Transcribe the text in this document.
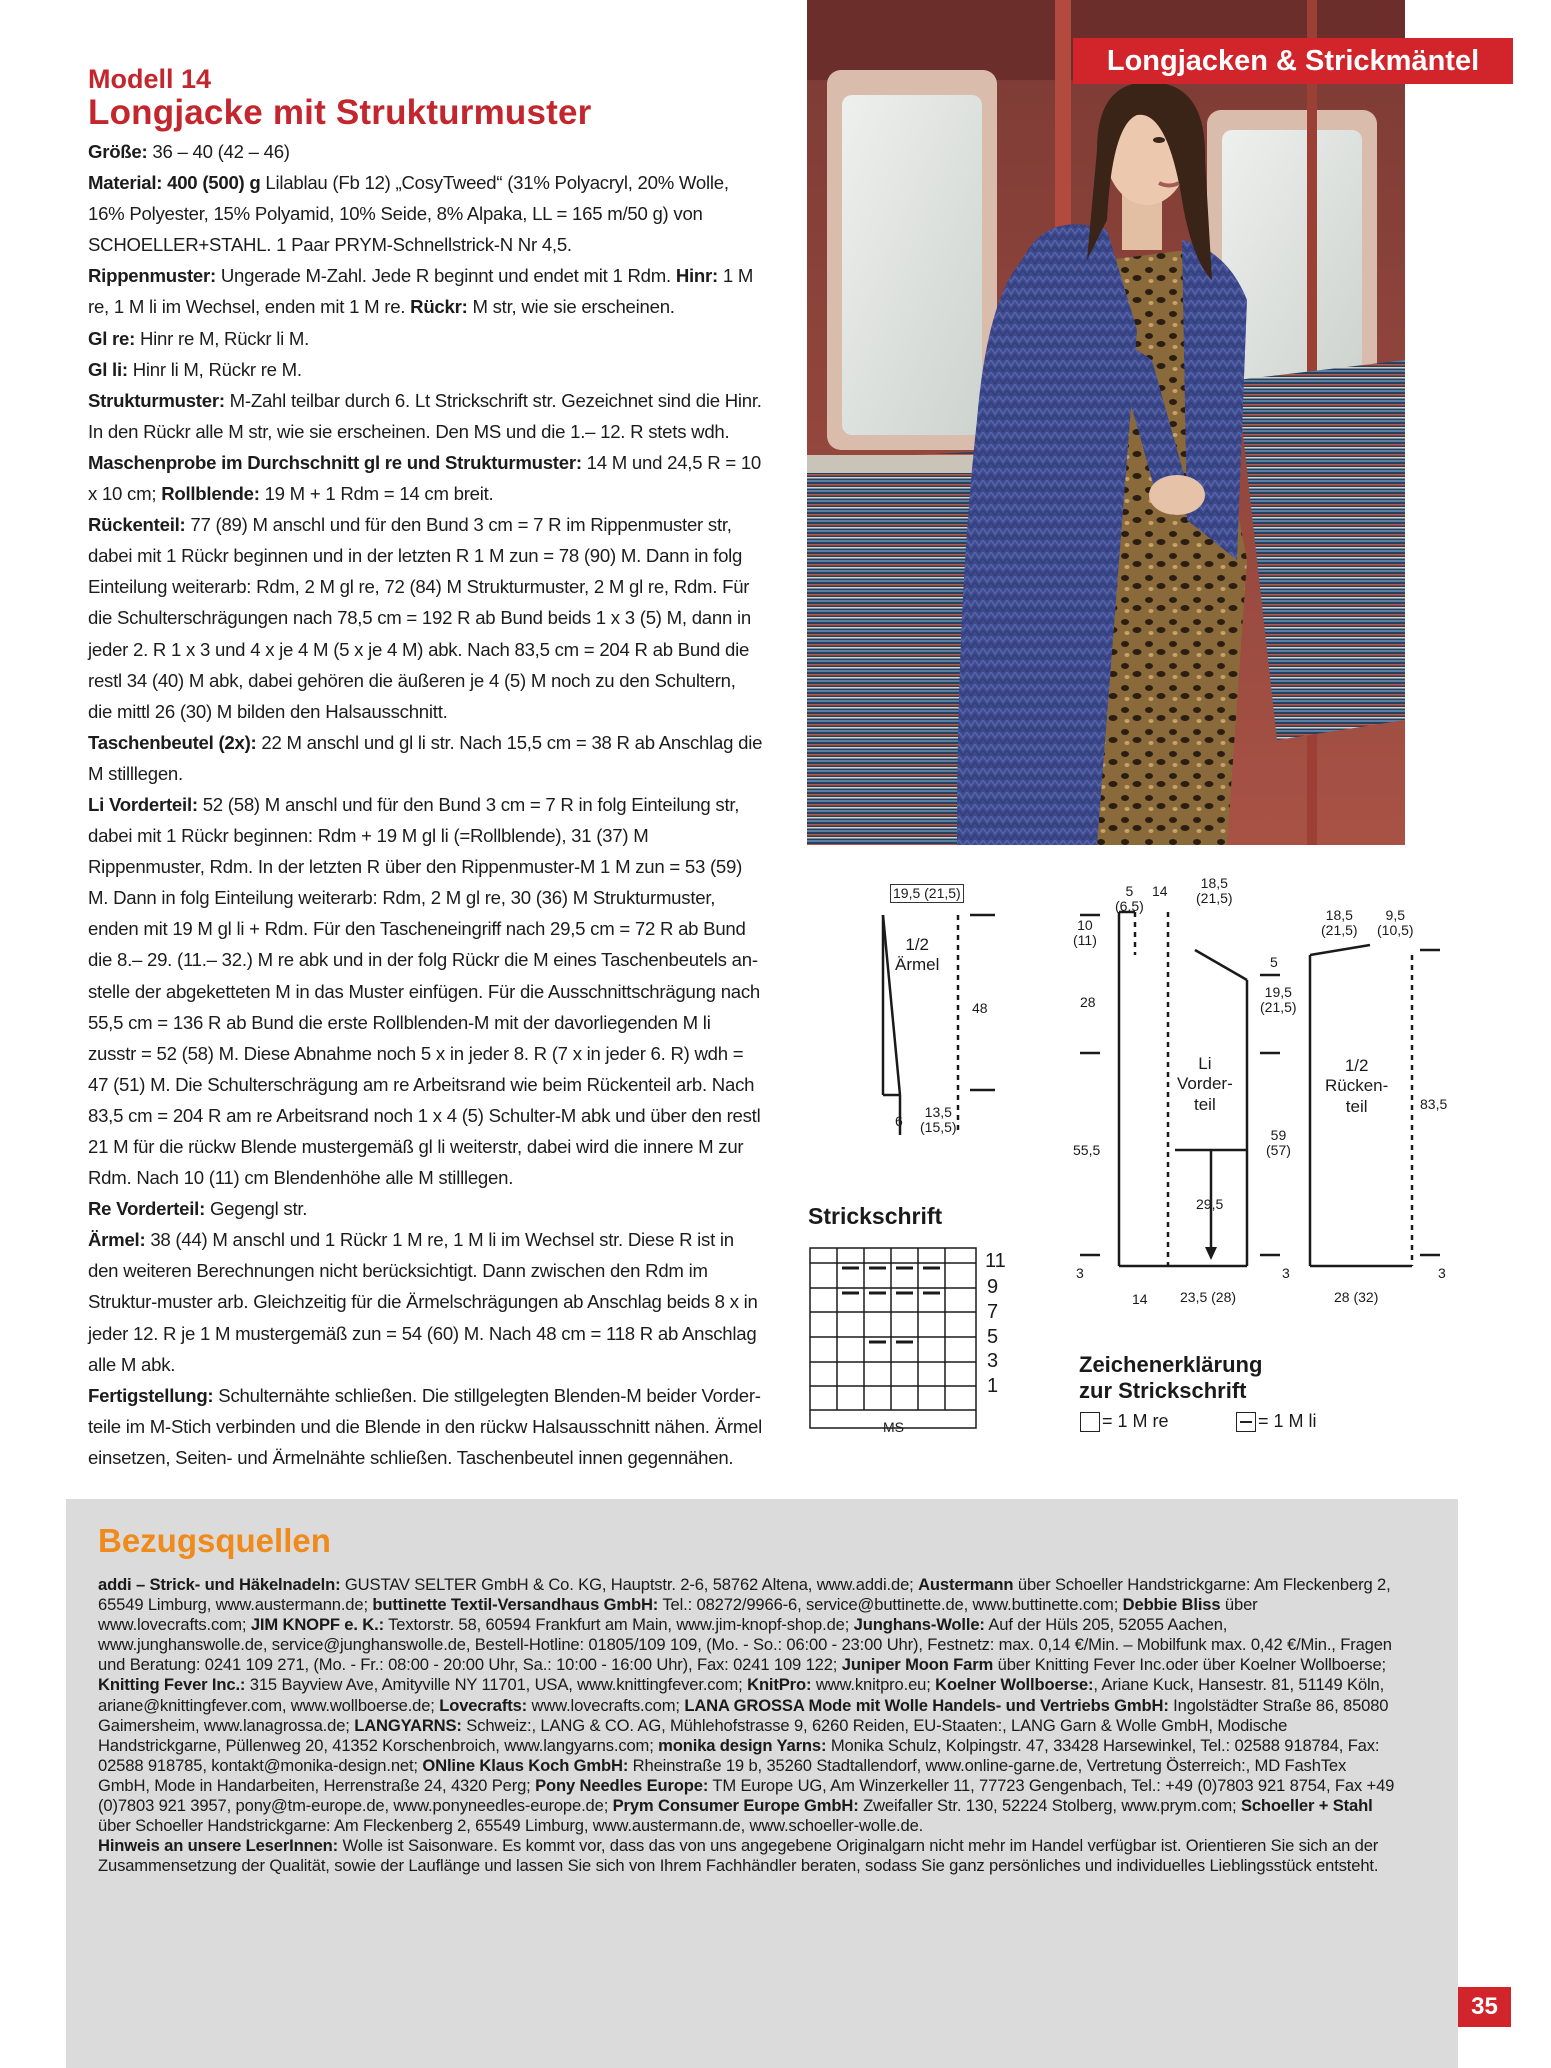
Longjacken & Strickmäntel
Modell 14
Longjacke mit Strukturmuster

Größe: 36 – 40 (42 – 46)

Material: 400 (500) g Lilablau (Fb 12) „CosyTweed“ (31% Polyacryl, 20% Wolle, 16% Polyester, 15% Polyamid, 10% Seide, 8% Alpaka, LL = 165 m/50 g) von SCHOELLER+STAHL. 1 Paar PRYM-Schnellstrick-N Nr 4,5.

Rippenmuster: Ungerade M-Zahl. Jede R beginnt und endet mit 1 Rdm. Hinr: 1 M re, 1 M li im Wechsel, enden mit 1 M re. Rückr: M str, wie sie erscheinen.

Gl re: Hinr re M, Rückr li M.

Gl li: Hinr li M, Rückr re M.

Strukturmuster: M-Zahl teilbar durch 6. Lt Strickschrift str. Gezeichnet sind die Hinr. In den Rückr alle M str, wie sie erscheinen. Den MS und die 1.– 12. R stets wdh.

Maschenprobe im Durchschnitt gl re und Strukturmuster: 14 M und 24,5 R = 10 x 10 cm; Rollblende: 19 M + 1 Rdm = 14 cm breit.

Rückenteil: 77 (89) M anschl und für den Bund 3 cm = 7 R im Rippenmuster str, dabei mit 1 Rückr beginnen und in der letzten R 1 M zun = 78 (90) M. Dann in folg Einteilung weiterarb: Rdm, 2 M gl re, 72 (84) M Strukturmuster, 2 M gl re, Rdm. Für die Schulterschrägungen nach 78,5 cm = 192 R ab Bund beids 1 x 3 (5) M, dann in jeder 2. R 1 x 3 und 4 x je 4 M (5 x je 4 M) abk. Nach 83,5 cm = 204 R ab Bund die restl 34 (40) M abk, dabei gehören die äußeren je 4 (5) M noch zu den Schultern, die mittl 26 (30) M bilden den Halsausschnitt.

Taschenbeutel (2x): 22 M anschl und gl li str. Nach 15,5 cm = 38 R ab Anschlag die M stilllegen.

Li Vorderteil: 52 (58) M anschl und für den Bund 3 cm = 7 R in folg Einteilung str, dabei mit 1 Rückr beginnen: Rdm + 19 M gl li (=Rollblende), 31 (37) M Rippenmuster, Rdm. In der letzten R über den Rippenmuster-M 1 M zun = 53 (59) M. Dann in folg Einteilung weiterarb: Rdm, 2 M gl re, 30 (36) M Strukturmuster, enden mit 19 M gl li + Rdm. Für den Tascheneingriff nach 29,5 cm = 72 R ab Bund die 8.– 29. (11.– 32.) M re abk und in der folg Rückr die M eines Taschenbeutels an-stelle der abgeketteten M in das Muster einfügen. Für die Ausschnittschrägung nach 55,5 cm = 136 R ab Bund die erste Rollblenden-M mit der davorliegenden M li zusstr = 52 (58) M. Diese Abnahme noch 5 x in jeder 8. R (7 x in jeder 6. R) wdh = 47 (51) M. Die Schulterschrägung am re Arbeitsrand wie beim Rückenteil arb. Nach 83,5 cm = 204 R am re Arbeitsrand noch 1 x 4 (5) Schulter-M abk und über den restl 21 M für die rückw Blende mustergemäß gl li weiterstr, dabei wird die innere M zur Rdm. Nach 10 (11) cm Blendenhöhe alle M stilllegen.

Re Vorderteil: Gegengl str.

Ärmel: 38 (44) M anschl und 1 Rückr 1 M re, 1 M li im Wechsel str. Diese R ist in den weiteren Berechnungen nicht berücksichtigt. Dann zwischen den Rdm im Struktur-muster arb. Gleichzeitig für die Ärmelschrägungen ab Anschlag beids 8 x in jeder 12. R je 1 M mustergemäß zun = 54 (60) M. Nach 48 cm = 118 R ab Anschlag alle M abk.

Fertigstellung: Schulternähte schließen. Die stillgelegten Blenden-M beider Vorder-teile im M-Stich verbinden und die Blende in den rückw Halsausschnitt nähen. Ärmel einsetzen, Seiten- und Ärmelnähte schließen. Taschenbeutel innen gegennähen.

19,5 (21,5)
1/2
Ärmel
48
6
13,5
(15,5)
5
(6,5)
14	18,5
(21,5)
10
(11)
28
55,5
Li
Vorder-
teil
5
19,5
(21,5)
59
(57)
29,5
3	3
14 23,5 (28)
18,5
(21,5)
9,5
(10,5)
1/2
Rücken-
teil	83,5
28 (32)
3
Strickschrift
11
9
7
5
3
1
MS
Zeichenerklärung
zur Strickschrift
= 1 M re	= 1 M li
Bezugsquellen

addi – Strick- und Häkelnadeln: GUSTAV SELTER GmbH & Co. KG, Hauptstr. 2-6, 58762 Altena, www.addi.de; Austermann über Schoeller Handstrickgarne: Am Fleckenberg 2, 65549 Limburg, www.austermann.de; buttinette Textil-Versandhaus GmbH: Tel.: 08272/9966-6, service@buttinette.de, www.buttinette.com; Debbie Bliss über www.lovecrafts.com; JIM KNOPF e. K.: Textorstr. 58, 60594 Frankfurt am Main, www.jim-knopf-shop.de; Junghans-Wolle: Auf der Hüls 205, 52055 Aachen, www.junghanswolle.de, service@junghanswolle.de, Bestell-Hotline: 01805/109 109, (Mo. - So.: 06:00 - 23:00 Uhr), Festnetz: max. 0,14 €/Min. – Mobilfunk max. 0,42 €/Min., Fragen und Beratung: 0241 109 271, (Mo. - Fr.: 08:00 - 20:00 Uhr, Sa.: 10:00 - 16:00 Uhr), Fax: 0241 109 122; Juniper Moon Farm über Knitting Fever Inc.oder über Koelner Wollboerse; Knitting Fever Inc.: 315 Bayview Ave, Amityville NY 11701, USA, www.knittingfever.com; KnitPro: www.knitpro.eu; Koelner Wollboerse:, Ariane Kuck, Hansestr. 81, 51149 Köln, ariane@knittingfever.com, www.wollboerse.de; Lovecrafts: www.lovecrafts.com; LANA GROSSA Mode mit Wolle Handels- und Vertriebs GmbH: Ingolstädter Straße 86, 85080 Gaimersheim, www.lanagrossa.de; LANGYARNS: Schweiz:, LANG & CO. AG, Mühlehofstrasse 9, 6260 Reiden, EU-Staaten:, LANG Garn & Wolle GmbH, Modische Handstrickgarne, Püllenweg 20, 41352 Korschenbroich, www.langyarns.com; monika design Yarns: Monika Schulz, Kolpingstr. 47, 33428 Harsewinkel, Tel.: 02588 918784, Fax: 02588 918785, kontakt@monika-design.net; ONline Klaus Koch GmbH: Rheinstraße 19 b, 35260 Stadtallendorf, www.online-garne.de, Vertretung Österreich:, MD FashTex GmbH, Mode in Handarbeiten, Herrenstraße 24, 4320 Perg; Pony Needles Europe: TM Europe UG, Am Winzerkeller 11, 77723 Gengenbach, Tel.: +49 (0)7803 921 8754, Fax +49 (0)7803 921 3957, pony@tm-europe.de, www.ponyneedles-europe.de; Prym Consumer Europe GmbH: Zweifaller Str. 130, 52224 Stolberg, www.prym.com; Schoeller + Stahl über Schoeller Handstrickgarne: Am Fleckenberg 2, 65549 Limburg, www.austermann.de, www.schoeller-wolle.de.

Hinweis an unsere LeserInnen: Wolle ist Saisonware. Es kommt vor, dass das von uns angegebene Originalgarn nicht mehr im Handel verfügbar ist. Orientieren Sie sich an der Zusammensetzung der Qualität, sowie der Lauflänge und lassen Sie sich von Ihrem Fachhändler beraten, sodass Sie ganz persönliches und individuelles Lieblingsstück entsteht.

35
